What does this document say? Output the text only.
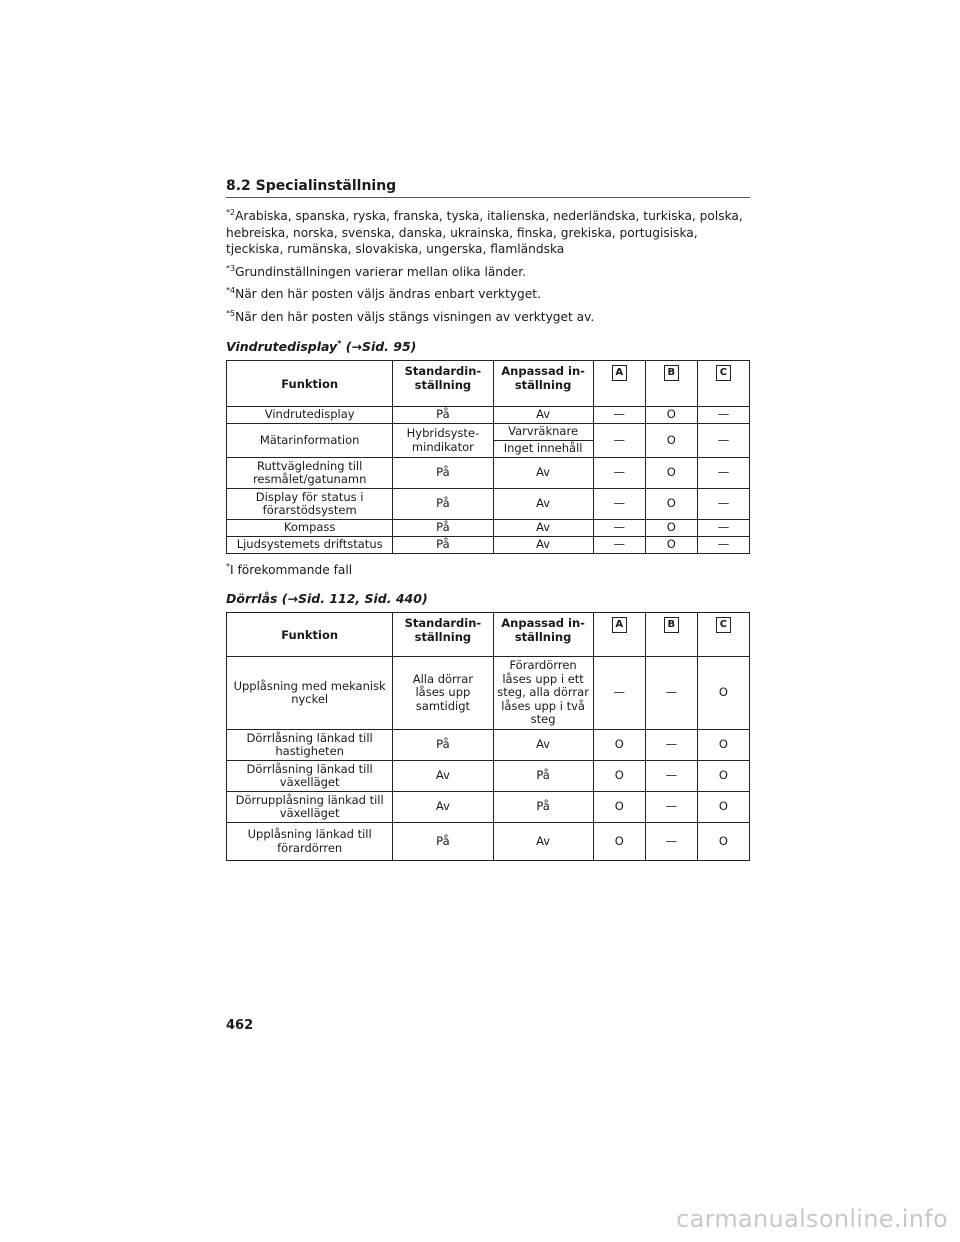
8.2 Specialinställning

$^{*2}$Arabiska, spanska, ryska, franska, tyska, italienska, nederländska, turkiska, polska, hebreiska, norska, svenska, danska, ukrainska, finska, grekiska, portugisiska, tjeckiska, rumänska, slovakiska, ungerska, flamländska

$^{*3}$Grundinställningen varierar mellan olika länder.

$^{*4}$När den här posten väljs ändras enbart verktyget.

$^{*5}$När den här posten väljs stängs visningen av verktyget av.

Vindrutedisplay* (→Sid. 95)
Funktion	Standardin-ställning	Anpassad in-ställning	A	B	C
Vindrutedisplay	På	Av	—	O	—
Mätarinformation	Hybridsyste-mindikator	Varvräknare	—	O	—
		Inget innehåll			
Ruttvägledning till resmålet/gatunamn	På	Av	—	O	—
Display för status i förarstödsystem	På	Av	—	O	—
Kompass	På	Av	—	O	—
Ljudsystemets driftstatus	På	Av	—	O	—
*I förekommande fall
Dörrlås (→Sid. 112, Sid. 440)
Funktion	Standardin-ställning	Anpassad in-ställning	A	B	C
Upplåsning med mekanisk nyckel	Alla dörrar låses upp samtidigt	Förardörren låses upp i ett steg, alla dörrar låses upp i två steg	—	—	O
Dörrlåsning länkad till hastigheten	På	Av	O	—	O
Dörrlåsning länkad till växelläget	Av	På	O	—	O
Dörrupplåsning länkad till växelläget	Av	På	O	—	O
Upplåsning länkad till förardörren	På	Av	O	—	O
462
carmanualsonline.info
